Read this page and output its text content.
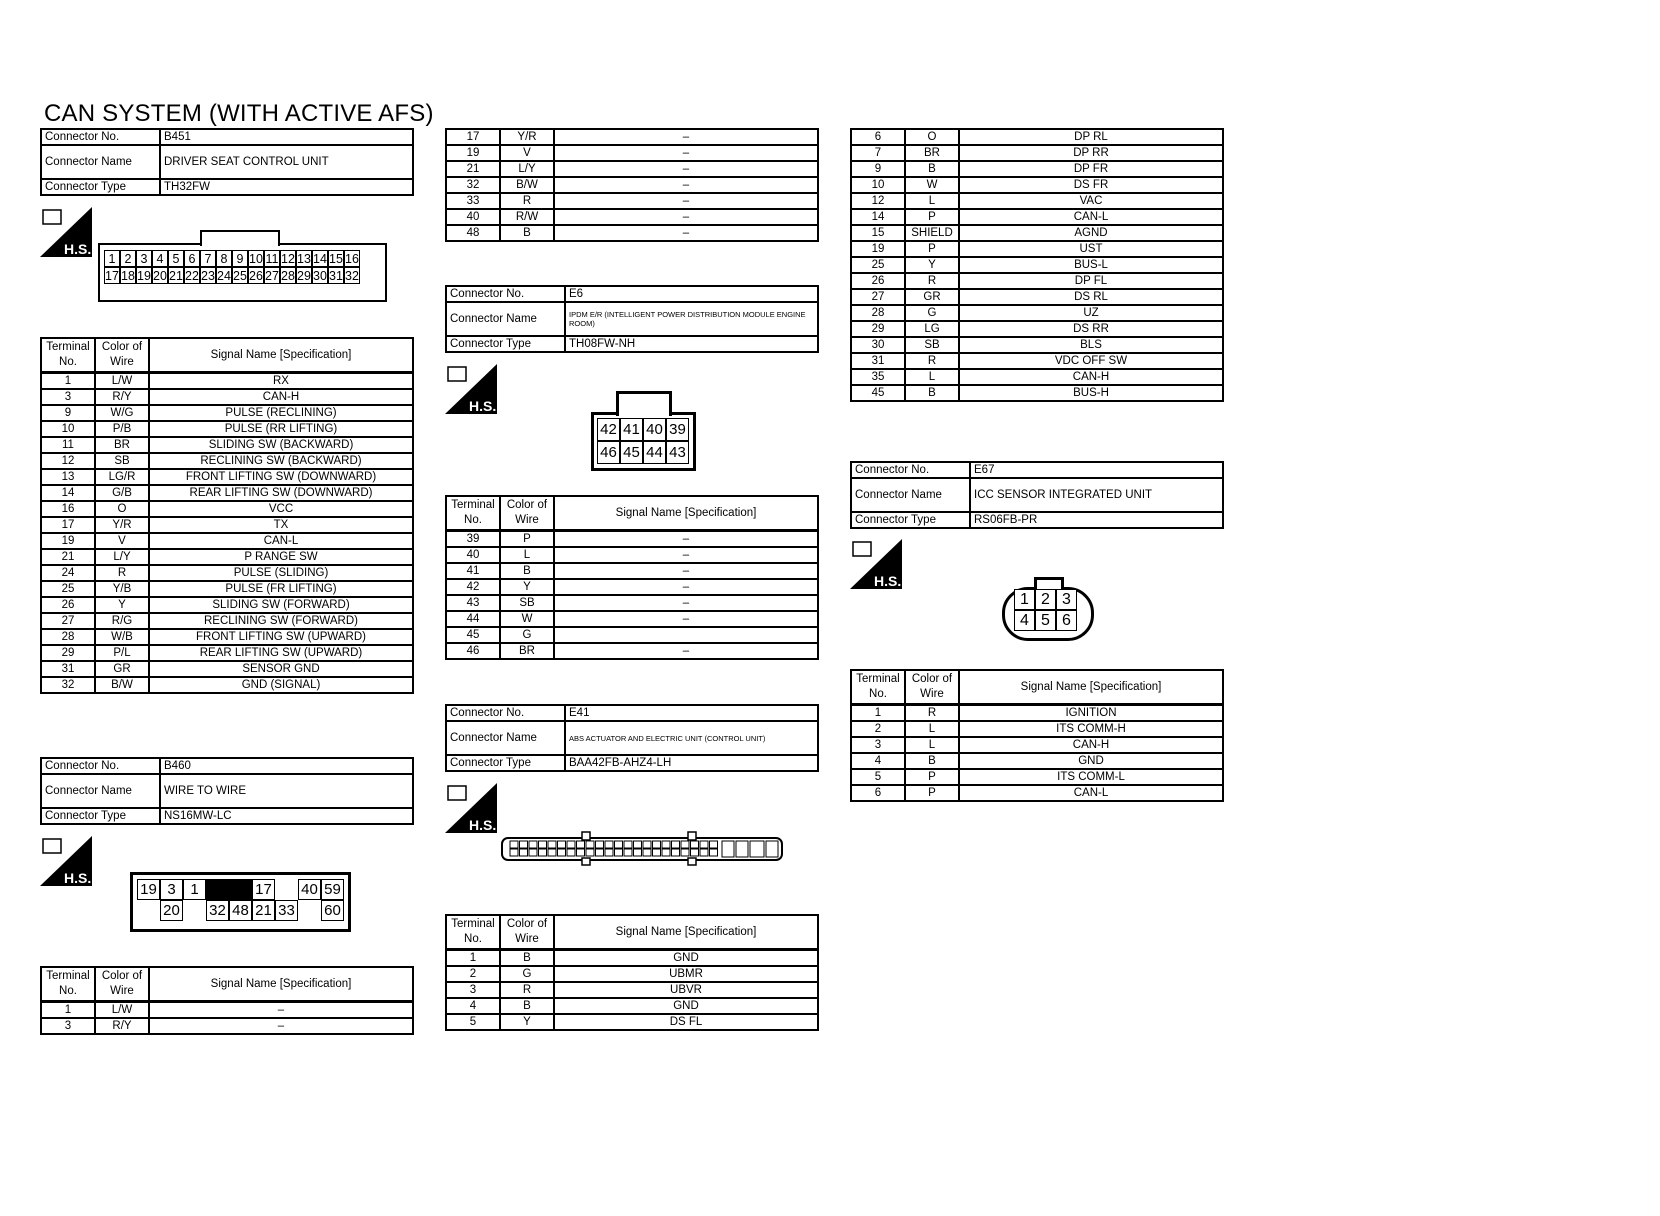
CAN SYSTEM (WITH ACTIVE AFS)
Connector No.	B451
Connector Name	DRIVER SEAT CONTROL UNIT
Connector Type	TH32FW
H.S.
1 2 3 4 5 6 7 8 9 10 11 12 13 14 15 16
17 18 19 20 21 22 23 24 25 26 27 28 29 30 31 32
Terminal No.	Color of Wire	Signal Name [Specification]
1	L/W	RX
3	R/Y	CAN-H
9	W/G	PULSE (RECLINING)
10	P/B	PULSE (RR LIFTING)
11	BR	SLIDING SW (BACKWARD)
12	SB	RECLINING SW (BACKWARD)
13	LG/R	FRONT LIFTING SW (DOWNWARD)
14	G/B	REAR LIFTING SW (DOWNWARD)
16	O	VCC
17	Y/R	TX
19	V	CAN-L
21	L/Y	P RANGE SW
24	R	PULSE (SLIDING)
25	Y/B	PULSE (FR LIFTING)
26	Y	SLIDING SW (FORWARD)
27	R/G	RECLINING SW (FORWARD)
28	W/B	FRONT LIFTING SW (UPWARD)
29	P/L	REAR LIFTING SW (UPWARD)
31	GR	SENSOR GND
32	B/W	GND (SIGNAL)
Connector No.	B460
Connector Name	WIRE TO WIRE
Connector Type	NS16MW-LC
H.S.
19 3 1	17 40 59
20 32 48 21 33 60
Terminal No.	Color of Wire	Signal Name [Specification]
1	L/W	–
3	R/Y	–
17	Y/R	–
19	V	–
21	L/Y	–
32	B/W	–
33	R	–
40	R/W	–
48	B	–
Connector No.	E6
Connector Name	IPDM E/R (INTELLIGENT POWER DISTRIBUTION MODULE ENGINE ROOM)
Connector Type	TH08FW-NH
H.S.
42 41 40 39
46 45 44 43
Terminal No.	Color of Wire	Signal Name [Specification]
39	P	–
40	L	–
41	B	–
42	Y	–
43	SB	–
44	W	–
45	G	
46	BR	–
Connector No.	E41
Connector Name	ABS ACTUATOR AND ELECTRIC UNIT (CONTROL UNIT)
Connector Type	BAA42FB-AHZ4-LH
H.S.
Terminal No.	Color of Wire	Signal Name [Specification]
1	B	GND
2	G	UBMR
3	R	UBVR
4	B	GND
5	Y	DS FL
6	O	DP RL
7	BR	DP RR
9	B	DP FR
10	W	DS FR
12	L	VAC
14	P	CAN-L
15	SHIELD	AGND
19	P	UST
25	Y	BUS-L
26	R	DP FL
27	GR	DS RL
28	G	UZ
29	LG	DS RR
30	SB	BLS
31	R	VDC OFF SW
35	L	CAN-H
45	B	BUS-H
Connector No.	E67
Connector Name	ICC SENSOR INTEGRATED UNIT
Connector Type	RS06FB-PR
H.S.
1 2 3
4 5 6
Terminal No.	Color of Wire	Signal Name [Specification]
1	R	IGNITION
2	L	ITS COMM-H
3	L	CAN-H
4	B	GND
5	P	ITS COMM-L
6	P	CAN-L
